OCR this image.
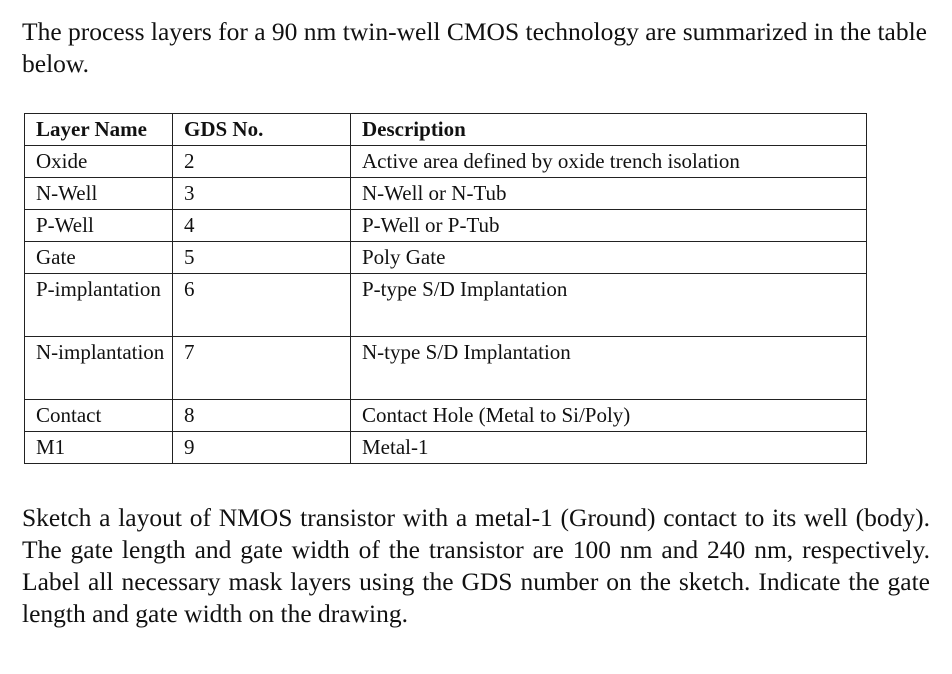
The process layers for a 90 nm twin-well CMOS technology are summarized in the table below.

Layer Name	GDS No.	Description
Oxide	2	Active area defined by oxide trench isolation
N-Well	3	N-Well or N-Tub
P-Well	4	P-Well or P-Tub
Gate	5	Poly Gate
P-implantation	6	P-type S/D Implantation
N-implantation	7	N-type S/D Implantation
Contact	8	Contact Hole (Metal to Si/Poly)
M1	9	Metal-1

Sketch a layout of NMOS transistor with a metal-1 (Ground) contact to its well (body). The gate length and gate width of the transistor are 100 nm and 240 nm, respectively. Label all necessary mask layers using the GDS number on the sketch. Indicate the gate length and gate width on the drawing.
